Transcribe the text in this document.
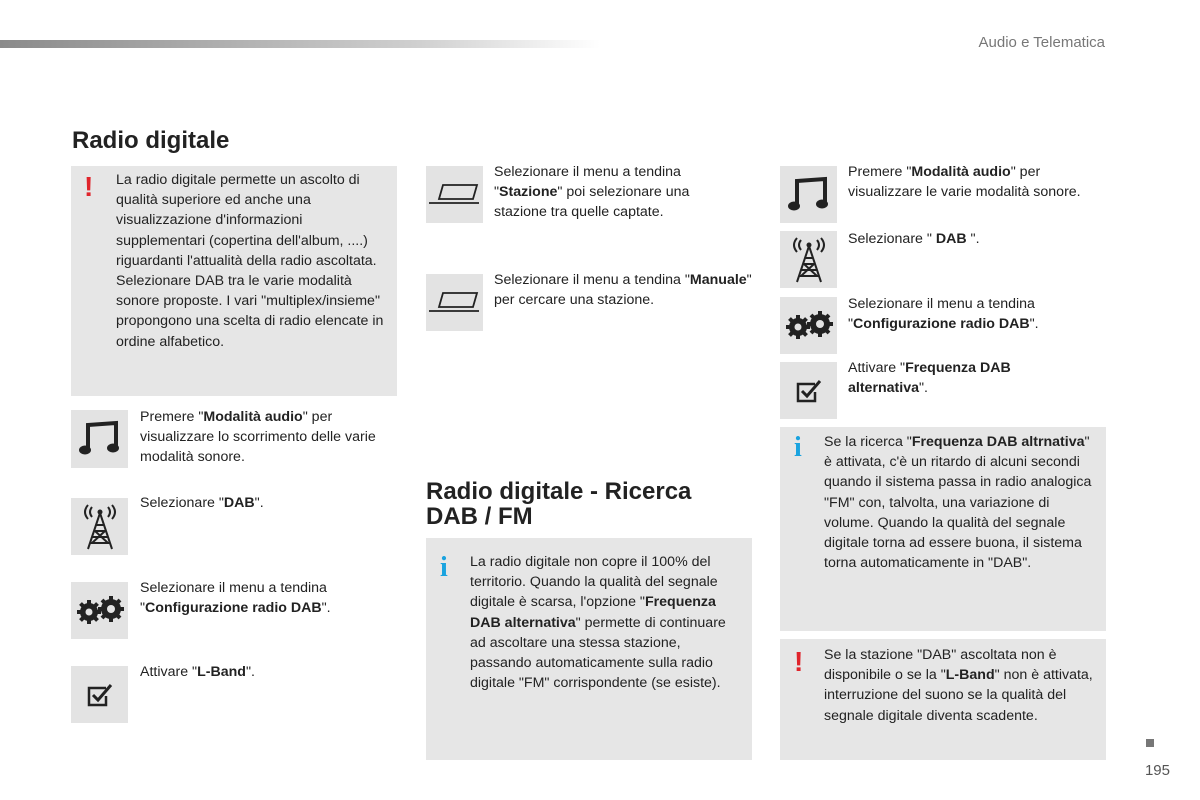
Audio e Telematica
Radio digitale
! La radio digitale permette un ascolto di qualità superiore ed anche una visualizzazione d'informazioni supplementari (copertina dell'album, ....) riguardanti l'attualità della radio ascoltata. Selezionare DAB tra le varie modalità sonore proposte. I vari "multiplex/insieme" propongono una scelta di radio elencate in ordine alfabetico.
Premere "Modalità audio" per visualizzare lo scorrimento delle varie modalità sonore.
Selezionare "DAB".
Selezionare il menu a tendina "Configurazione radio DAB".
Attivare "L-Band".
Selezionare il menu a tendina "Stazione" poi selezionare una stazione tra quelle captate.
Selezionare il menu a tendina "Manuale" per cercare una stazione.
Radio digitale - Ricerca DAB / FM
i La radio digitale non copre il 100% del territorio. Quando la qualità del segnale digitale è scarsa, l'opzione "Frequenza DAB alternativa" permette di continuare ad ascoltare una stessa stazione, passando automaticamente sulla radio digitale "FM" corrispondente (se esiste).
Premere "Modalità audio" per visualizzare le varie modalità sonore.
Selezionare " DAB ".
Selezionare il menu a tendina "Configurazione radio DAB".
Attivare "Frequenza DAB alternativa".
i Se la ricerca "Frequenza DAB altrnativa" è attivata, c'è un ritardo di alcuni secondi quando il sistema passa in radio analogica "FM" con, talvolta, una variazione di volume. Quando la qualità del segnale digitale torna ad essere buona, il sistema torna automaticamente in "DAB".
! Se la stazione "DAB" ascoltata non è disponibile o se la "L-Band" non è attivata, interruzione del suono se la qualità del segnale digitale diventa scadente.
195
